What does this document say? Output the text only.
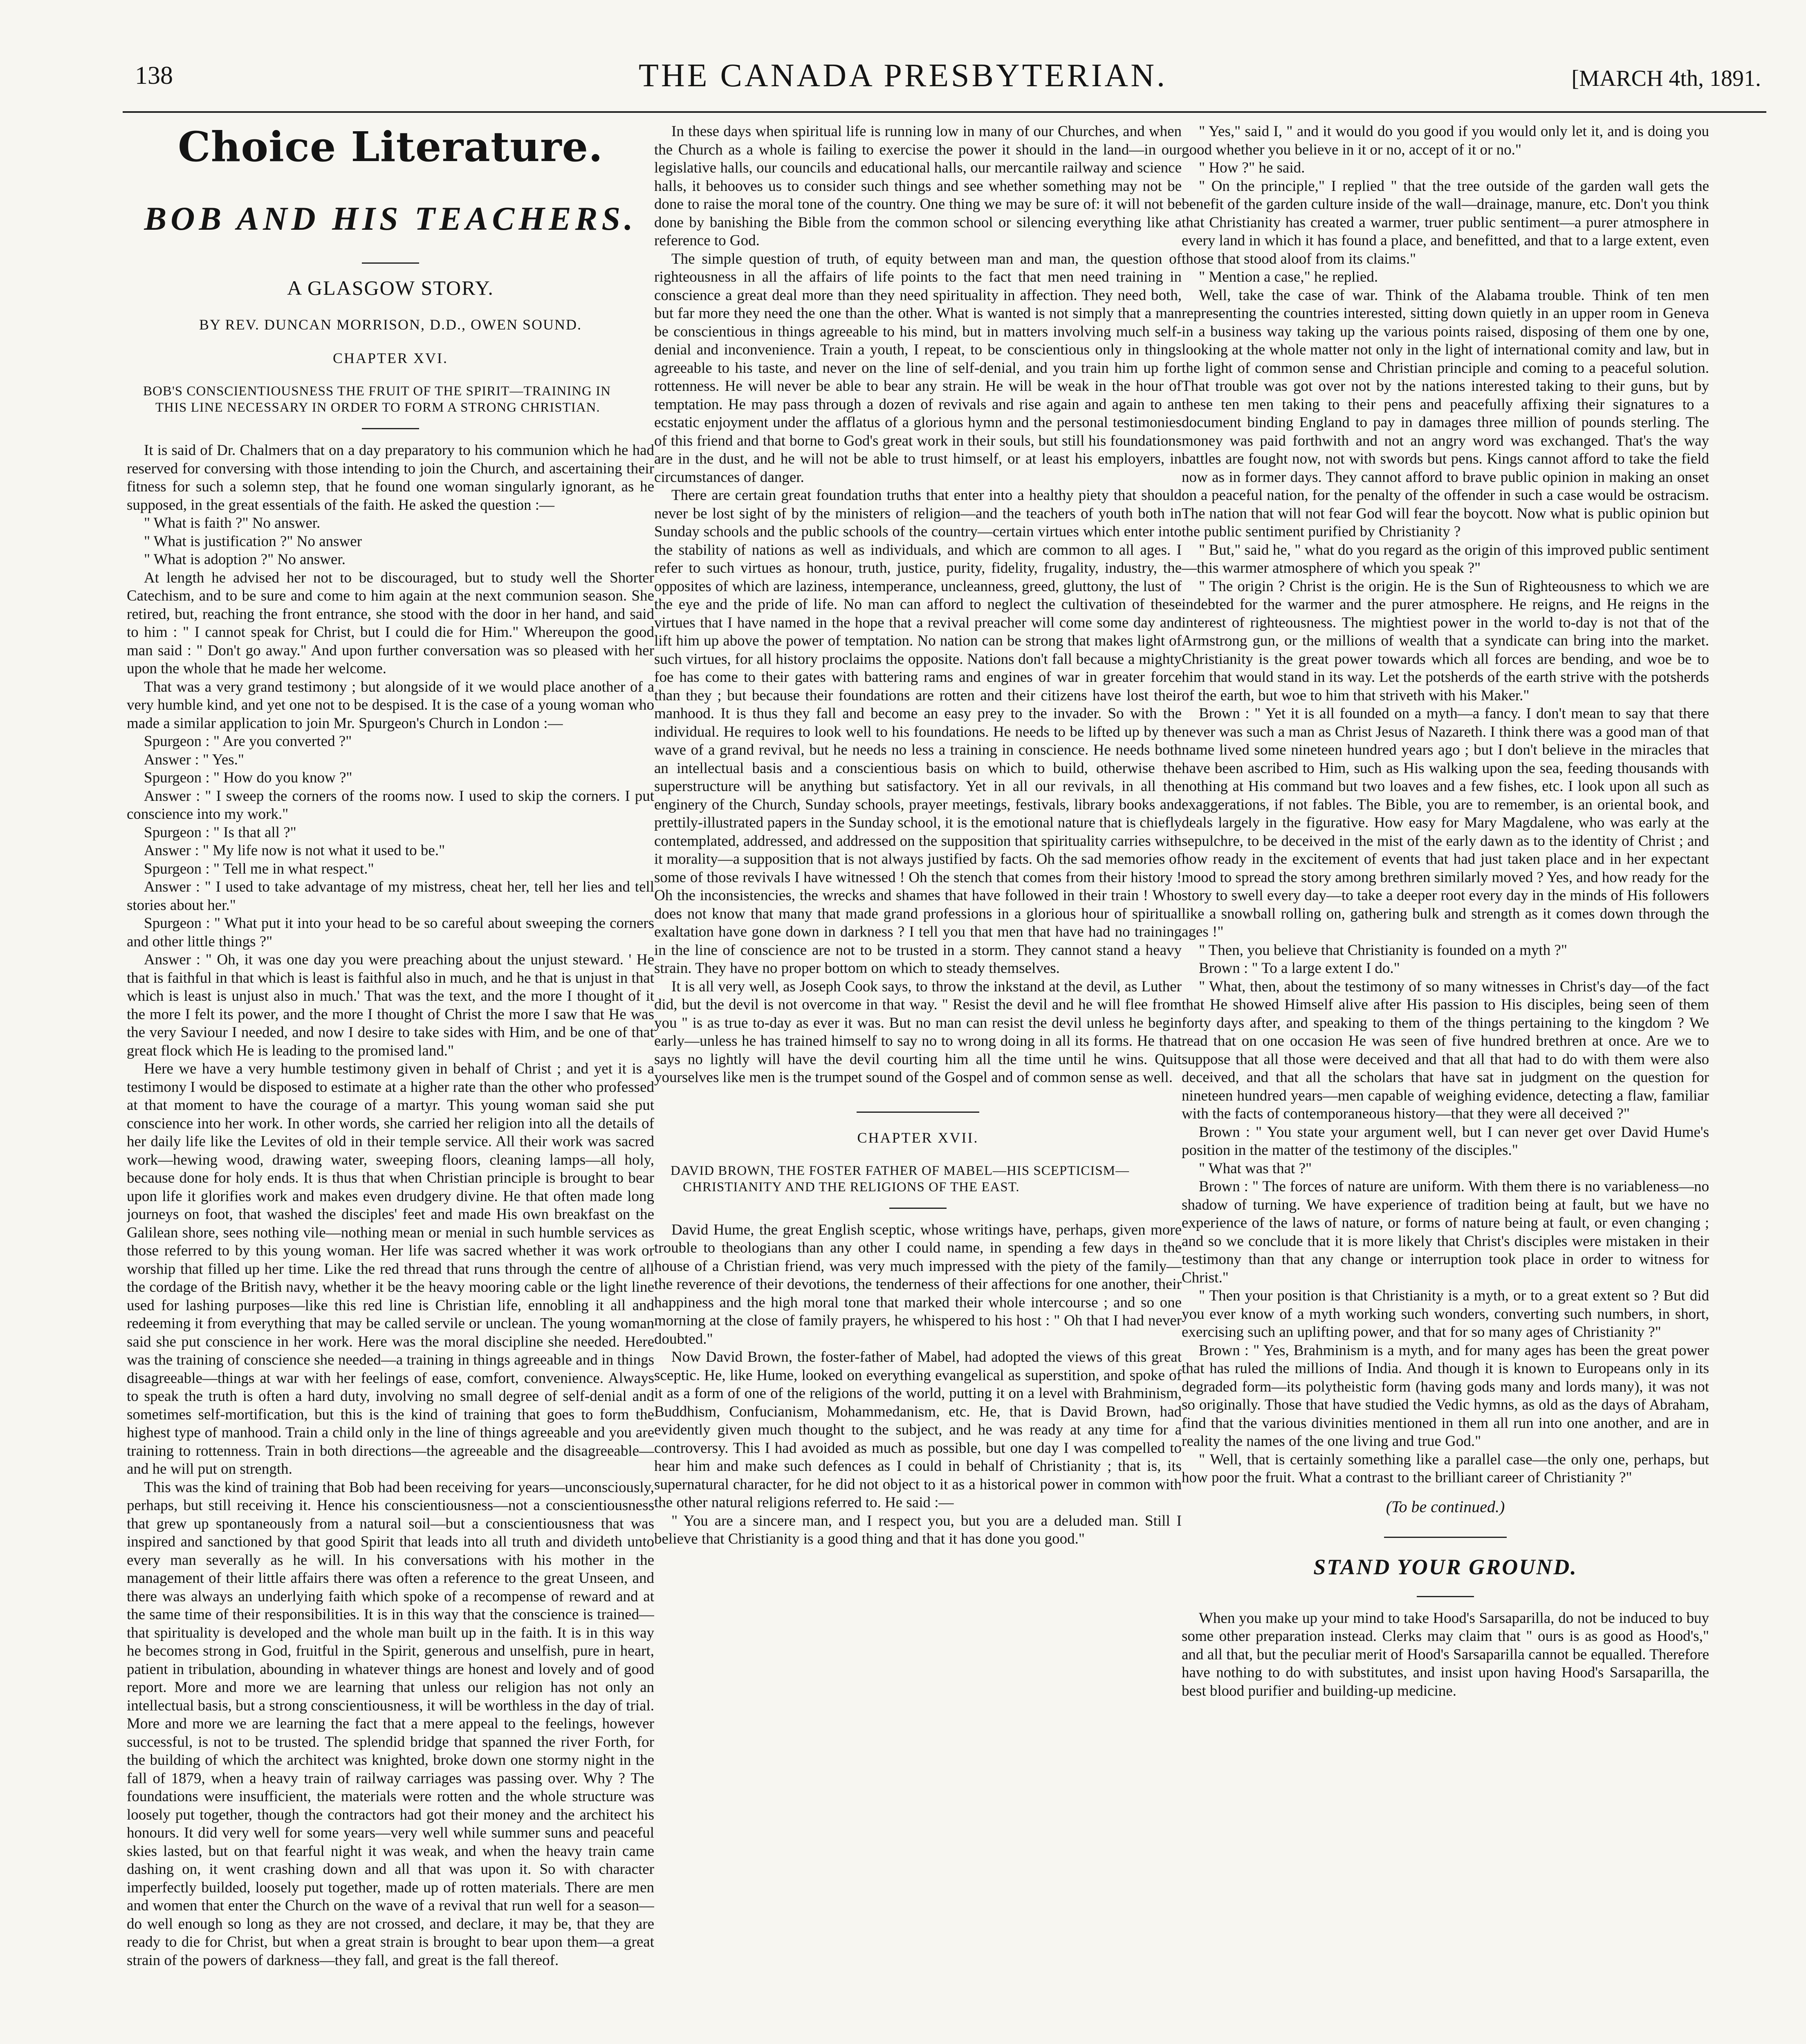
138	THE CANADA PRESBYTERIAN.	[MARCH 4th, 1891.
Choice Literature.
BOB AND HIS TEACHERS.
A GLASGOW STORY.
BY REV. DUNCAN MORRISON, D.D., OWEN SOUND.
CHAPTER XVI.
BOB'S CONSCIENTIOUSNESS THE FRUIT OF THE SPIRIT—TRAINING IN THIS LINE NECESSARY IN ORDER TO FORM A STRONG CHRISTIAN.

It is said of Dr. Chalmers that on a day preparatory to his communion which he had reserved for conversing with those intending to join the Church, and ascertaining their fitness for such a solemn step, that he found one woman singularly ignorant, as he supposed, in the great essentials of the faith. He asked the question :—

" What is faith ?" No answer.

" What is justification ?" No answer

" What is adoption ?" No answer.

At length he advised her not to be discouraged, but to study well the Shorter Catechism, and to be sure and come to him again at the next communion season. She retired, but, reaching the front entrance, she stood with the door in her hand, and said to him : " I cannot speak for Christ, but I could die for Him." Whereupon the good man said : " Don't go away." And upon further conversation was so pleased with her upon the whole that he made her welcome.

That was a very grand testimony ; but alongside of it we would place another of a very humble kind, and yet one not to be despised. It is the case of a young woman who made a similar application to join Mr. Spurgeon's Church in London :—

Spurgeon : " Are you converted ?"

Answer : " Yes."

Spurgeon : " How do you know ?"

Answer : " I sweep the corners of the rooms now. I used to skip the corners. I put conscience into my work."

Spurgeon : " Is that all ?"

Answer : " My life now is not what it used to be."

Spurgeon : " Tell me in what respect."

Answer : " I used to take advantage of my mistress, cheat her, tell her lies and tell stories about her."

Spurgeon : " What put it into your head to be so careful about sweeping the corners and other little things ?"

Answer : " Oh, it was one day you were preaching about the unjust steward. ' He that is faithful in that which is least is faithful also in much, and he that is unjust in that which is least is unjust also in much.' That was the text, and the more I thought of it the more I felt its power, and the more I thought of Christ the more I saw that He was the very Saviour I needed, and now I desire to take sides with Him, and be one of that great flock which He is leading to the promised land."

Here we have a very humble testimony given in behalf of Christ ; and yet it is a testimony I would be disposed to estimate at a higher rate than the other who professed at that moment to have the courage of a martyr. This young woman said she put conscience into her work. In other words, she carried her religion into all the details of her daily life like the Levites of old in their temple service. All their work was sacred work—hewing wood, drawing water, sweeping floors, cleaning lamps—all holy, because done for holy ends. It is thus that when Christian principle is brought to bear upon life it glorifies work and makes even drudgery divine. He that often made long journeys on foot, that washed the disciples' feet and made His own breakfast on the Galilean shore, sees nothing vile—nothing mean or menial in such humble services as those referred to by this young woman. Her life was sacred whether it was work or worship that filled up her time. Like the red thread that runs through the centre of all the cordage of the British navy, whether it be the heavy mooring cable or the light line used for lashing purposes—like this red line is Christian life, ennobling it all and redeeming it from everything that may be called servile or unclean. The young woman said she put conscience in her work. Here was the moral discipline she needed. Here was the training of conscience she needed—a training in things agreeable and in things disagreeable—things at war with her feelings of ease, comfort, convenience. Always to speak the truth is often a hard duty, involving no small degree of self-denial and sometimes self-mortification, but this is the kind of training that goes to form the highest type of manhood. Train a child only in the line of things agreeable and you are training to rottenness. Train in both directions—the agreeable and the disagreeable—and he will put on strength.

This was the kind of training that Bob had been receiving for years—unconsciously, perhaps, but still receiving it. Hence his conscientiousness—not a conscientiousness that grew up spontaneously from a natural soil—but a conscientiousness that was inspired and sanctioned by that good Spirit that leads into all truth and divideth unto every man severally as he will. In his conversations with his mother in the management of their little affairs there was often a reference to the great Unseen, and there was always an underlying faith which spoke of a recompense of reward and at the same time of their responsibilities. It is in this way that the conscience is trained—that spirituality is developed and the whole man built up in the faith. It is in this way he becomes strong in God, fruitful in the Spirit, generous and unselfish, pure in heart, patient in tribulation, abounding in whatever things are honest and lovely and of good report. More and more we are learning that unless our religion has not only an intellectual basis, but a strong conscientiousness, it will be worthless in the day of trial. More and more we are learning the fact that a mere appeal to the feelings, however successful, is not to be trusted. The splendid bridge that spanned the river Forth, for the building of which the architect was knighted, broke down one stormy night in the fall of 1879, when a heavy train of railway carriages was passing over. Why ? The foundations were insufficient, the materials were rotten and the whole structure was loosely put together, though the contractors had got their money and the architect his honours. It did very well for some years—very well while summer suns and peaceful skies lasted, but on that fearful night it was weak, and when the heavy train came dashing on, it went crashing down and all that was upon it. So with character imperfectly builded, loosely put together, made up of rotten materials. There are men and women that enter the Church on the wave of a revival that run well for a season—do well enough so long as they are not crossed, and declare, it may be, that they are ready to die for Christ, but when a great strain is brought to bear upon them—a great strain of the powers of darkness—they fall, and great is the fall thereof.

In these days when spiritual life is running low in many of our Churches, and when the Church as a whole is failing to exercise the power it should in the land—in our legislative halls, our councils and educational halls, our mercantile railway and science halls, it behooves us to consider such things and see whether something may not be done to raise the moral tone of the country. One thing we may be sure of: it will not be done by banishing the Bible from the common school or silencing everything like a reference to God.

The simple question of truth, of equity between man and man, the question of righteousness in all the affairs of life points to the fact that men need training in conscience a great deal more than they need spirituality in affection. They need both, but far more they need the one than the other. What is wanted is not simply that a man be conscientious in things agreeable to his mind, but in matters involving much self-denial and inconvenience. Train a youth, I repeat, to be conscientious only in things agreeable to his taste, and never on the line of self-denial, and you train him up for rottenness. He will never be able to bear any strain. He will be weak in the hour of temptation. He may pass through a dozen of revivals and rise again and again to an ecstatic enjoyment under the afflatus of a glorious hymn and the personal testimonies of this friend and that borne to God's great work in their souls, but still his foundations are in the dust, and he will not be able to trust himself, or at least his employers, in circumstances of danger.

There are certain great foundation truths that enter into a healthy piety that should never be lost sight of by the ministers of religion—and the teachers of youth both in Sunday schools and the public schools of the country—certain virtues which enter into the stability of nations as well as individuals, and which are common to all ages. I refer to such virtues as honour, truth, justice, purity, fidelity, frugality, industry, the opposites of which are laziness, intemperance, uncleanness, greed, gluttony, the lust of the eye and the pride of life. No man can afford to neglect the cultivation of these virtues that I have named in the hope that a revival preacher will come some day and lift him up above the power of temptation. No nation can be strong that makes light of such virtues, for all history proclaims the opposite. Nations don't fall because a mighty foe has come to their gates with battering rams and engines of war in greater force than they ; but because their foundations are rotten and their citizens have lost their manhood. It is thus they fall and become an easy prey to the invader. So with the individual. He requires to look well to his foundations. He needs to be lifted up by the wave of a grand revival, but he needs no less a training in conscience. He needs both an intellectual basis and a conscientious basis on which to build, otherwise the superstructure will be anything but satisfactory. Yet in all our revivals, in all the enginery of the Church, Sunday schools, prayer meetings, festivals, library books and prettily-illustrated papers in the Sunday school, it is the emotional nature that is chiefly contemplated, addressed, and addressed on the supposition that spirituality carries with it morality—a supposition that is not always justified by facts. Oh the sad memories of some of those revivals I have witnessed ! Oh the stench that comes from their history ! Oh the inconsistencies, the wrecks and shames that have followed in their train ! Who does not know that many that made grand professions in a glorious hour of spiritual exaltation have gone down in darkness ? I tell you that men that have had no training in the line of conscience are not to be trusted in a storm. They cannot stand a heavy strain. They have no proper bottom on which to steady themselves.

It is all very well, as Joseph Cook says, to throw the inkstand at the devil, as Luther did, but the devil is not overcome in that way. " Resist the devil and he will flee from you " is as true to-day as ever it was. But no man can resist the devil unless he begin early—unless he has trained himself to say no to wrong doing in all its forms. He that says no lightly will have the devil courting him all the time until he wins. Quit yourselves like men is the trumpet sound of the Gospel and of common sense as well.

CHAPTER XVII.
DAVID BROWN, THE FOSTER FATHER OF MABEL—HIS SCEPTICISM—CHRISTIANITY AND THE RELIGIONS OF THE EAST.

David Hume, the great English sceptic, whose writings have, perhaps, given more trouble to theologians than any other I could name, in spending a few days in the house of a Christian friend, was very much impressed with the piety of the family—the reverence of their devotions, the tenderness of their affections for one another, their happiness and the high moral tone that marked their whole intercourse ; and so one morning at the close of family prayers, he whispered to his host : " Oh that I had never doubted."

Now David Brown, the foster-father of Mabel, had adopted the views of this great sceptic. He, like Hume, looked on everything evangelical as superstition, and spoke of it as a form of one of the religions of the world, putting it on a level with Brahminism, Buddhism, Confucianism, Mohammedanism, etc. He, that is David Brown, had evidently given much thought to the subject, and he was ready at any time for a controversy. This I had avoided as much as possible, but one day I was compelled to hear him and make such defences as I could in behalf of Christianity ; that is, its supernatural character, for he did not object to it as a historical power in common with the other natural religions referred to. He said :—

" You are a sincere man, and I respect you, but you are a deluded man. Still I believe that Christianity is a good thing and that it has done you good."

" Yes," said I, " and it would do you good if you would only let it, and is doing you good whether you believe in it or no, accept of it or no."

" How ?" he said.

" On the principle," I replied " that the tree outside of the garden wall gets the benefit of the garden culture inside of the wall—drainage, manure, etc. Don't you think that Christianity has created a warmer, truer public sentiment—a purer atmosphere in every land in which it has found a place, and benefitted, and that to a large extent, even those that stood aloof from its claims."

" Mention a case," he replied.

Well, take the case of war. Think of the Alabama trouble. Think of ten men representing the countries interested, sitting down quietly in an upper room in Geneva in a business way taking up the various points raised, disposing of them one by one, looking at the whole matter not only in the light of international comity and law, but in the light of common sense and Christian principle and coming to a peaceful solution. That trouble was got over not by the nations interested taking to their guns, but by these ten men taking to their pens and peacefully affixing their signatures to a document binding England to pay in damages three million of pounds sterling. The money was paid forthwith and not an angry word was exchanged. That's the way battles are fought now, not with swords but pens. Kings cannot afford to take the field now as in former days. They cannot afford to brave public opinion in making an onset on a peaceful nation, for the penalty of the offender in such a case would be ostracism. The nation that will not fear God will fear the boycott. Now what is public opinion but the public sentiment purified by Christianity ?

" But," said he, " what do you regard as the origin of this improved public sentiment—this warmer atmosphere of which you speak ?"

" The origin ? Christ is the origin. He is the Sun of Righteousness to which we are indebted for the warmer and the purer atmosphere. He reigns, and He reigns in the interest of righteousness. The mightiest power in the world to-day is not that of the Armstrong gun, or the millions of wealth that a syndicate can bring into the market. Christianity is the great power towards which all forces are bending, and woe be to him that would stand in its way. Let the potsherds of the earth strive with the potsherds of the earth, but woe to him that striveth with his Maker."

Brown : " Yet it is all founded on a myth—a fancy. I don't mean to say that there never was such a man as Christ Jesus of Nazareth. I think there was a good man of that name lived some nineteen hundred years ago ; but I don't believe in the miracles that have been ascribed to Him, such as His walking upon the sea, feeding thousands with nothing at His command but two loaves and a few fishes, etc. I look upon all such as exaggerations, if not fables. The Bible, you are to remember, is an oriental book, and deals largely in the figurative. How easy for Mary Magdalene, who was early at the sepulchre, to be deceived in the mist of the early dawn as to the identity of Christ ; and how ready in the excitement of events that had just taken place and in her expectant mood to spread the story among brethren similarly moved ? Yes, and how ready for the story to swell every day—to take a deeper root every day in the minds of His followers like a snowball rolling on, gathering bulk and strength as it comes down through the ages !"

" Then, you believe that Christianity is founded on a myth ?"

Brown : " To a large extent I do."

" What, then, about the testimony of so many witnesses in Christ's day—of the fact that He showed Himself alive after His passion to His disciples, being seen of them forty days after, and speaking to them of the things pertaining to the kingdom ? We read that on one occasion He was seen of five hundred brethren at once. Are we to suppose that all those were deceived and that all that had to do with them were also deceived, and that all the scholars that have sat in judgment on the question for nineteen hundred years—men capable of weighing evidence, detecting a flaw, familiar with the facts of contemporaneous history—that they were all deceived ?"

Brown : " You state your argument well, but I can never get over David Hume's position in the matter of the testimony of the disciples."

" What was that ?"

Brown : " The forces of nature are uniform. With them there is no variableness—no shadow of turning. We have experience of tradition being at fault, but we have no experience of the laws of nature, or forms of nature being at fault, or even changing ; and so we conclude that it is more likely that Christ's disciples were mistaken in their testimony than that any change or interruption took place in order to witness for Christ."

" Then your position is that Christianity is a myth, or to a great extent so ? But did you ever know of a myth working such wonders, converting such numbers, in short, exercising such an uplifting power, and that for so many ages of Christianity ?"

Brown : " Yes, Brahminism is a myth, and for many ages has been the great power that has ruled the millions of India. And though it is known to Europeans only in its degraded form—its polytheistic form (having gods many and lords many), it was not so originally. Those that have studied the Vedic hymns, as old as the days of Abraham, find that the various divinities mentioned in them all run into one another, and are in reality the names of the one living and true God."

" Well, that is certainly something like a parallel case—the only one, perhaps, but how poor the fruit. What a contrast to the brilliant career of Christianity ?"

(To be continued.)
STAND YOUR GROUND.

When you make up your mind to take Hood's Sarsaparilla, do not be induced to buy some other preparation instead. Clerks may claim that " ours is as good as Hood's," and all that, but the peculiar merit of Hood's Sarsaparilla cannot be equalled. Therefore have nothing to do with substitutes, and insist upon having Hood's Sarsaparilla, the best blood purifier and building-up medicine.
